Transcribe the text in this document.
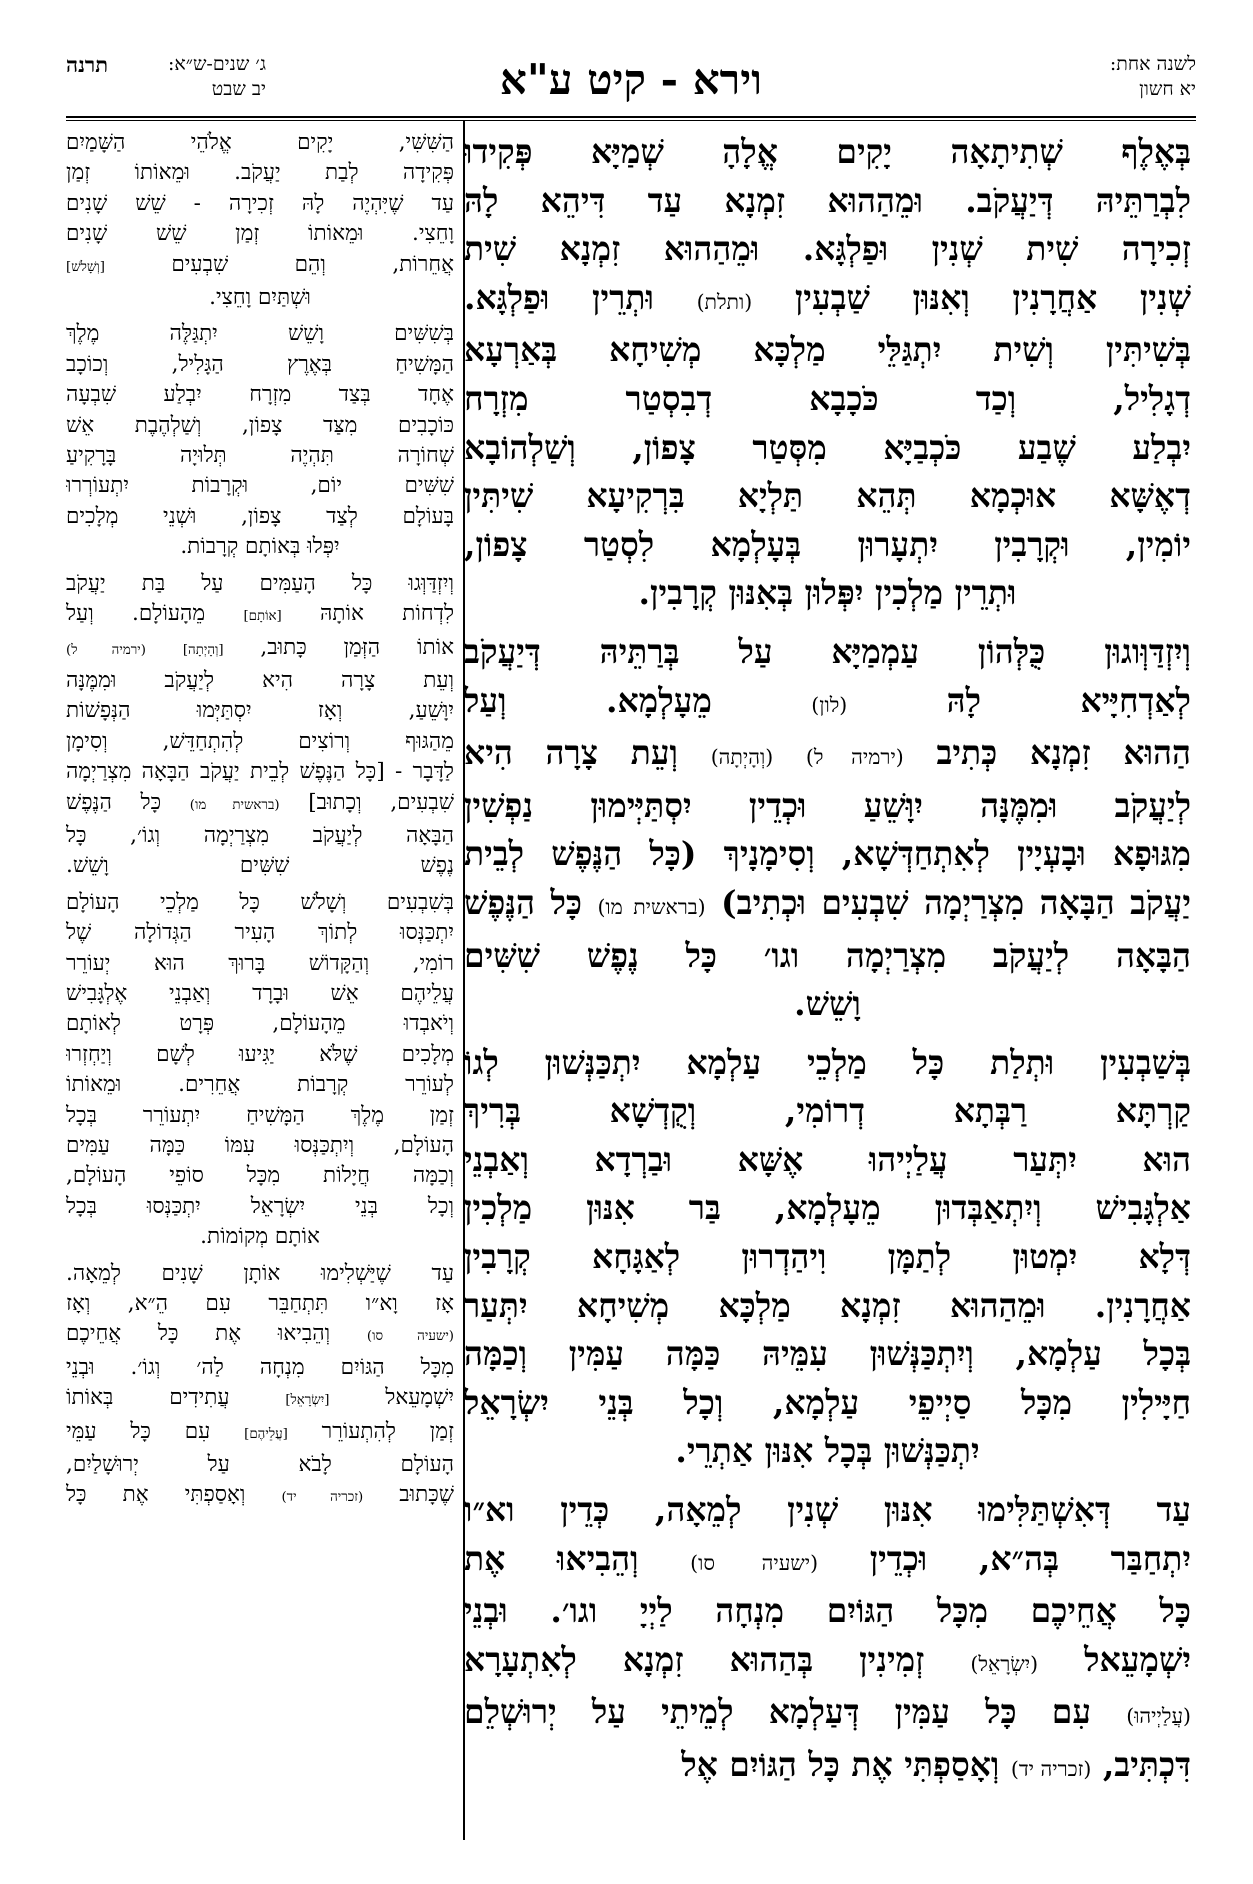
לשנה אחת:
יא חשון
וירא - קיט ע"א
ג׳ שנים-ש״א:
יב שבט
תרנה
בְּאֶלֶף שְׁתִיתָאָה יָקִים אֱלָהָ שְׁמַיָּא פְּקִידוּ
לִבְרַתֵּיהּ דְּיַעֲקֹב. וּמֵהַהוּא זִמְנָא עַד דִּיהֵא לָהּ
זְכִירָה שִׁית שְׁנִין וּפַלְגָּא. וּמֵהַהוּא זִמְנָא שִׁית
שְׁנִין אַחֲרָנִין וְאִנּוּן שַׁבְעִין (ותלת) וּתְרֵין וּפַלְגָּא.
בְּשִׁיתִּין וְשִׁית יִתְגַּלֵּי מַלְכָּא מְשִׁיחָא בְּאַרְעָא
דְגָלִיל, וְכַד כֹּכָבָא דְבִסְטַר מִזְרָח
יִבְלַע שֶׁבַע כֹּכְבַיָּא מִסְּטַר צָפוֹן, וְשַׁלְהוֹבָא
דְאֶשָּׁא אוּכְמָא תְּהֵא תַּלְיָא בִּרְקִיעָא שִׁיתִּין
יוֹמִין, וּקְרָבִין יִתְעָרוּן בְּעָלְמָא לִסְטַר צָפוֹן,
וּתְרֵין מַלְכִין יִפְּלוּן בְּאִנּוּן קְרָבִין.
וְיִזְדַּוְּוגוּן כֻּלְּהוֹן עַמְמַיָּא עַל בְּרַתֵּיהּ דְּיַעֲקֹב
לְאַדְחִיָּיא לָהּ (לון) מֵעָלְמָא. וְעַל
הַהוּא זִמְנָא כְּתִיב (ירמיה ל) (וְהָיְתָה) וְעֵת צָרָה הִיא
לְיַעֲקֹב וּמִמֶּנָּה יִוָּשֵׁעַ וּכְדֵין יִסְתַּיְּימוּן נַפְשִׁין
מִגּוּפָא וּבָעְיָין לְאִתְחַדְּשָׁא, וְסִימָנָיךְ (כָּל הַנֶּפֶשׁ לְבֵית
יַעֲקֹב הַבָּאָה מִצְרַיְמָה שִׁבְעִים וּכְתִיב) (בראשית מו) כָּל הַנֶּפֶשׁ
הַבָּאָה לְיַעֲקֹב מִצְרַיְמָה וגו׳ כָּל נֶפֶשׁ שִׁשִּׁים
וָשֵׁשׁ.
בְּשַׁבְעִין וּתְלַת כָּל מַלְכֵי עַלְמָא יִתְכַּנְּשׁוּן לְגוֹ
קַרְתָּא רַבְּתָא דְרוֹמִי, וְקֻדְשָׁא בְּרִיךְ
הוּא יִתְּעַר עֲלַיְיהוּ אֶשָּׁא וּבַרְדָא וְאַבְנֵי
אַלְגָּבִישׁ וְיִתְאַבְּדוּן מֵעָלְמָא, בַּר אִנּוּן מַלְכִין
דְּלָא יִמְטוּן לְתַמָּן וִיהַדְרוּן לְאַגָּחָא קְרָבִין
אַחֲרָנִין. וּמֵהַהוּא זִמְנָא מַלְכָּא מְשִׁיחָא יִתְּעַר
בְּכָל עַלְמָא, וְיִתְכַּנְּשׁוּן עִמֵּיהּ כַּמָּה עַמִּין וְכַמָּה
חַיָּילִין מִכָּל סַיְיפֵי עַלְמָא, וְכָל בְּנֵי יִשְׂרָאֵל
יִתְכַּנְּשׁוּן בְּכָל אִנּוּן אַתְרֵי.
עַד דְּאִשְׁתַּלִּימוּ אִנּוּן שְׁנִין לְמֵאָה, כְּדֵין וא״ו
יִתְחַבַּר בְּה״א, וּכְדֵין (ישעיה סו) וְהֵבִיאוּ אֶת
כָּל אֲחֵיכֶם מִכָּל הַגּוֹיִם מִנְחָה לַיְיָ וגו׳. וּבְנֵי
יִשְׁמָעֵאל (יִשְׂרָאֵל) זְמִינִין בְּהַהוּא זִמְנָא לְאִתְעָרָא
(עֲלַיְיהוּ) עִם כָּל עַמִּין דְּעַלְמָא לְמֵיתֵי עַל יְרוּשְׁלֵם
דִּכְתִּיב, (זכריה יד) וְאָסַפְתִּי אֶת כָּל הַגּוֹיִם אֶל
הַשִּׁשִּׁי, יָקִים אֱלֹהֵי הַשָּׁמַיִם
פְּקִידָה לְבַת יַעֲקֹב. וּמֵאוֹתוֹ זְמַן
עַד שֶׁיִּהְיֶה לָהּ זְכִירָה - שֵׁשׁ שָׁנִים
וָחֵצִי. וּמֵאוֹתוֹ זְמַן שֵׁשׁ שָׁנִים
אֲחֵרוֹת, וְהֵם שִׁבְעִים [וְשָׁלֹשׁ]
וּשְׁתַּיִם וָחֵצִי.
בְּשִׁשִּׁים וָשֵׁשׁ יִתְגַּלֶּה מֶלֶךְ
הַמָּשִׁיחַ בְּאֶרֶץ הַגָּלִיל, וְכוֹכָב
אֶחָד בְּצַד מִזְרָח יִבְלַע שִׁבְעָה
כּוֹכָבִים מִצַּד צָפוֹן, וְשַׁלְהֶבֶת אֵשׁ
שְׁחוֹרָה תִּהְיֶה תְּלוּיָה בָּרָקִיעַ
שִׁשִּׁים יוֹם, וּקְרָבוֹת יִתְעוֹרְרוּ
בָּעוֹלָם לְצַד צָפוֹן, וּשְׁנֵי מְלָכִים
יִפְּלוּ בְּאוֹתָם קְרָבוֹת.
וְיִזְדַּוְּגוּ כָּל הָעַמִּים עַל בַּת יַעֲקֹב
לִדְחוֹת אוֹתָהּ [אוֹתָם] מֵהָעוֹלָם. וְעַל
אוֹתוֹ הַזְּמַן כָּתוּב, [וְהָיְתָה] (ירמיה ל)
וְעֵת צָרָה הִיא לְיַעֲקֹב וּמִמֶּנָּה
יִוָּשֵׁעַ, וְאָז יִסְתַּיְּמוּ הַנְּפָשׁוֹת
מֵהַגּוּף וְרוֹצִים לְהִתְחַדֵּשׁ, וְסִימָן
לַדָּבָר - [כָּל הַנֶּפֶשׁ לְבֵית יַעֲקֹב הַבָּאָה מִצְרַיְמָה
שִׁבְעִים, וְכָתוּב] (בראשית מו) כָּל הַנֶּפֶשׁ
הַבָּאָה לְיַעֲקֹב מִצְרַיְמָה וְגוֹ׳, כָּל
נֶפֶשׁ שִׁשִּׁים וָשֵׁשׁ.
בְּשִׁבְעִים וְשָׁלֹשׁ כָּל מַלְכֵי הָעוֹלָם
יִתְכַּנְּסוּ לְתוֹךְ הָעִיר הַגְּדוֹלָה שֶׁל
רוֹמִי, וְהַקָּדוֹשׁ בָּרוּךְ הוּא יְעוֹרֵר
עֲלֵיהֶם אֵשׁ וּבָרָד וְאַבְנֵי אֶלְגָּבִישׁ
וְיֹאבְדוּ מֵהָעוֹלָם, פְּרָט לְאוֹתָם
מְלָכִים שֶׁלֹּא יַגִּיעוּ לְשָׁם וְיַחְזְרוּ
לְעוֹרֵר קְרָבוֹת אֲחֵרִים. וּמֵאוֹתוֹ
זְמַן מֶלֶךְ הַמָּשִׁיחַ יִתְעוֹרֵר בְּכָל
הָעוֹלָם, וְיִתְכַּנְּסוּ עִמּוֹ כַּמָּה עַמִּים
וְכַמָּה חֲיָלוֹת מִכָּל סוֹפֵי הָעוֹלָם,
וְכָל בְּנֵי יִשְׂרָאֵל יִתְכַּנְּסוּ בְּכָל
אוֹתָם מְקוֹמוֹת.
עַד שֶׁיַּשְׁלִימוּ אוֹתָן שָׁנִים לְמֵאָה.
אָז וָא״ו תִּתְחַבֵּר עִם הֵ״א, וְאָז
(ישעיה סו) וְהֵבִיאוּ אֶת כָּל אֲחֵיכֶם
מִכָּל הַגּוֹיִם מִנְחָה לַה׳ וְגוֹ׳. וּבְנֵי
יִשְׁמָעֵאל [יִשְׂרָאֵל] עֲתִידִים בְּאוֹתוֹ
זְמַן לְהִתְעוֹרֵר [עֲלֵיהֶם] עִם כָּל עַמֵּי
הָעוֹלָם לָבֹא עַל יְרוּשָׁלַיִם,
שֶׁכָּתוּב (זכריה יד) וְאָסַפְתִּי אֶת כָּל
